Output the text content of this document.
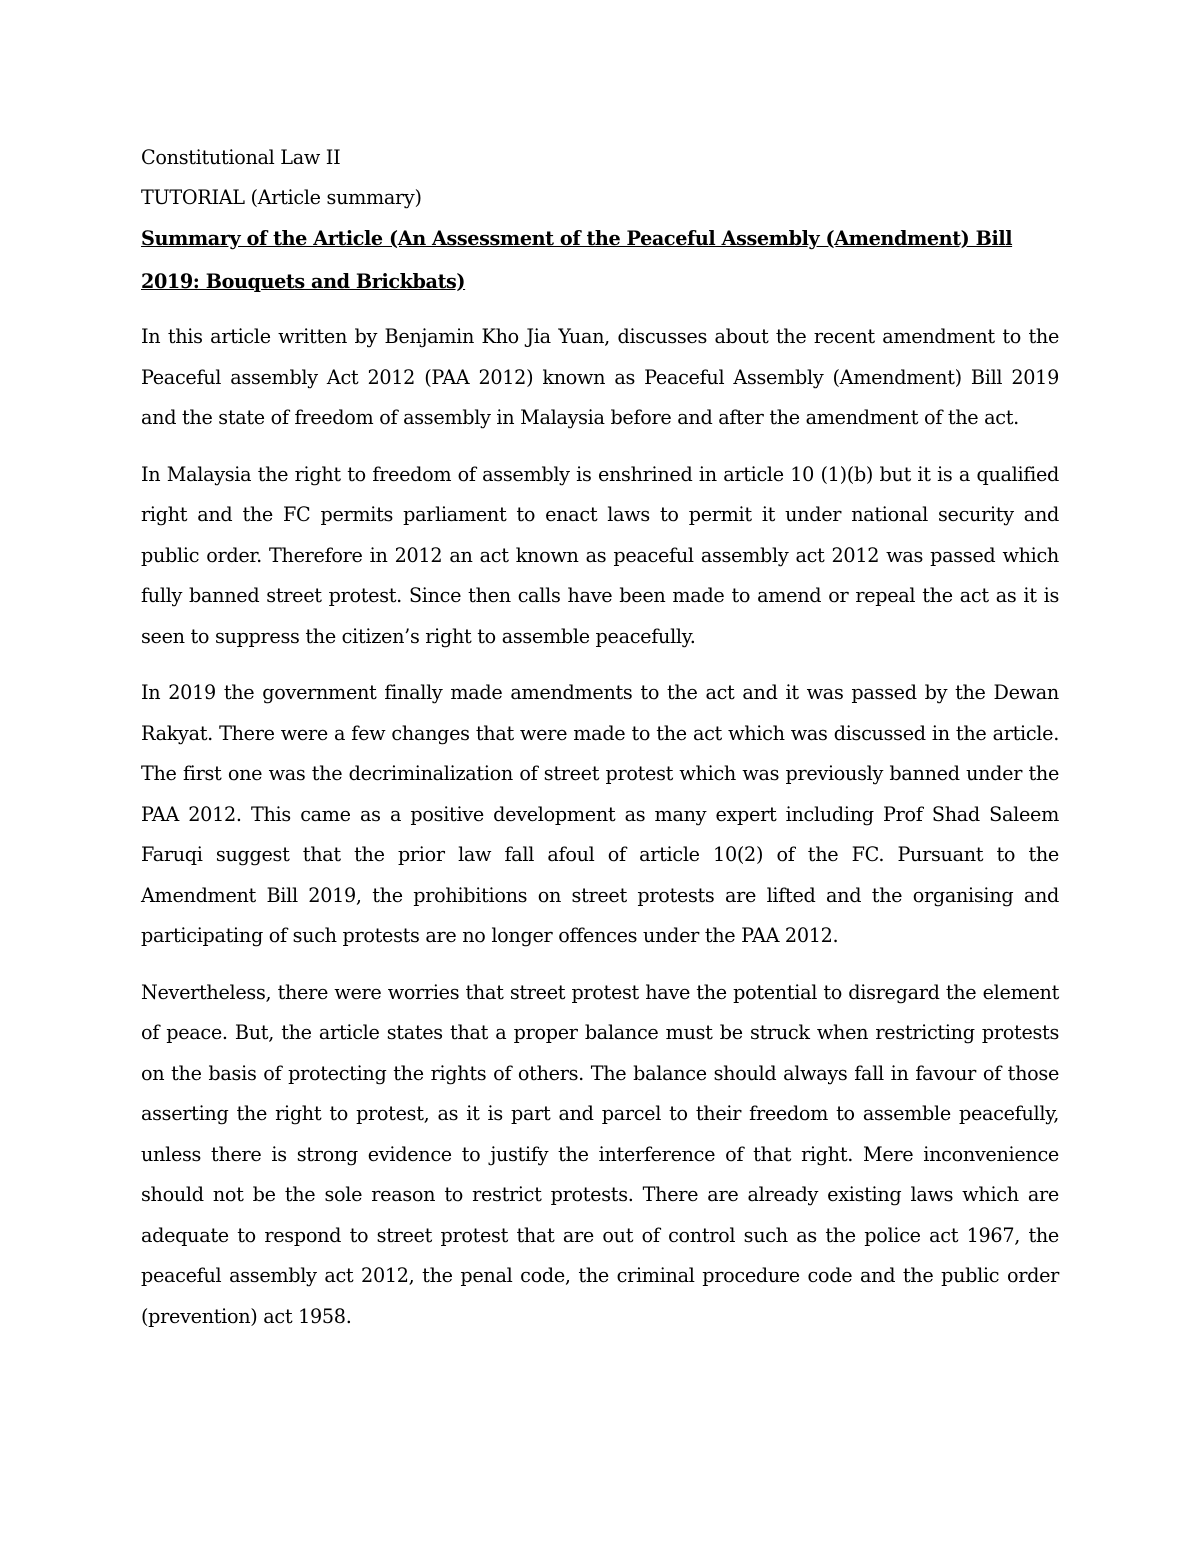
Constitutional Law II

TUTORIAL (Article summary)

Summary of the Article (An Assessment of the Peaceful Assembly (Amendment) Bill 2019: Bouquets and Brickbats)

In this article written by Benjamin Kho Jia Yuan, discusses about the recent amendment to the Peaceful assembly Act 2012 (PAA 2012) known as Peaceful Assembly (Amendment) Bill 2019 and the state of freedom of assembly in Malaysia before and after the amendment of the act.

In Malaysia the right to freedom of assembly is enshrined in article 10 (1)(b) but it is a qualified right and the FC permits parliament to enact laws to permit it under national security and public order. Therefore in 2012 an act known as peaceful assembly act 2012 was passed which fully banned street protest. Since then calls have been made to amend or repeal the act as it is seen to suppress the citizen’s right to assemble peacefully.

In 2019 the government finally made amendments to the act and it was passed by the Dewan Rakyat. There were a few changes that were made to the act which was discussed in the article. The first one was the decriminalization of street protest which was previously banned under the PAA 2012. This came as a positive development as many expert including Prof Shad Saleem Faruqi suggest that the prior law fall afoul of article 10(2) of the FC. Pursuant to the Amendment Bill 2019, the prohibitions on street protests are lifted and the organising and participating of such protests are no longer offences under the PAA 2012.

Nevertheless, there were worries that street protest have the potential to disregard the element of peace. But, the article states that a proper balance must be struck when restricting protests on the basis of protecting the rights of others. The balance should always fall in favour of those asserting the right to protest, as it is part and parcel to their freedom to assemble peacefully, unless there is strong evidence to justify the interference of that right. Mere inconvenience should not be the sole reason to restrict protests. There are already existing laws which are adequate to respond to street protest that are out of control such as the police act 1967, the peaceful assembly act 2012, the penal code, the criminal procedure code and the public order (prevention) act 1958.
